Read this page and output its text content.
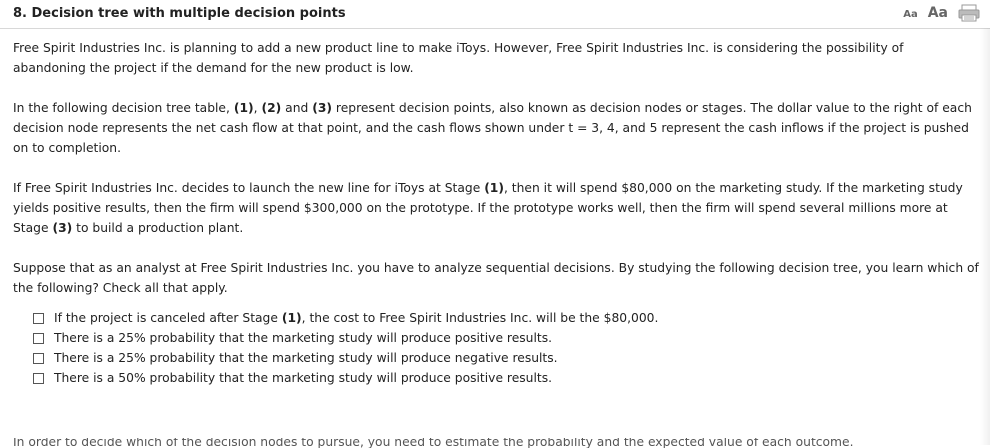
8. Decision tree with multiple decision points	Aa Aa

Free Spirit Industries Inc. is planning to add a new product line to make iToys. However, Free Spirit Industries Inc. is considering the possibility of abandoning the project if the demand for the new product is low.

In the following decision tree table, (1), (2) and (3) represent decision points, also known as decision nodes or stages. The dollar value to the right of each decision node represents the net cash flow at that point, and the cash flows shown under t = 3, 4, and 5 represent the cash inflows if the project is pushed on to completion.

If Free Spirit Industries Inc. decides to launch the new line for iToys at Stage (1), then it will spend $80,000 on the marketing study. If the marketing study yields positive results, then the firm will spend $300,000 on the prototype. If the prototype works well, then the firm will spend several millions more at Stage (3) to build a production plant.

Suppose that as an analyst at Free Spirit Industries Inc. you have to analyze sequential decisions. By studying the following decision tree, you learn which of the following? Check all that apply.

If the project is canceled after Stage (1), the cost to Free Spirit Industries Inc. will be the $80,000.
There is a 25% probability that the marketing study will produce positive results.
There is a 25% probability that the marketing study will produce negative results.
There is a 50% probability that the marketing study will produce positive results.
In order to decide which of the decision nodes to pursue, you need to estimate the probability and the expected value of each outcome.
